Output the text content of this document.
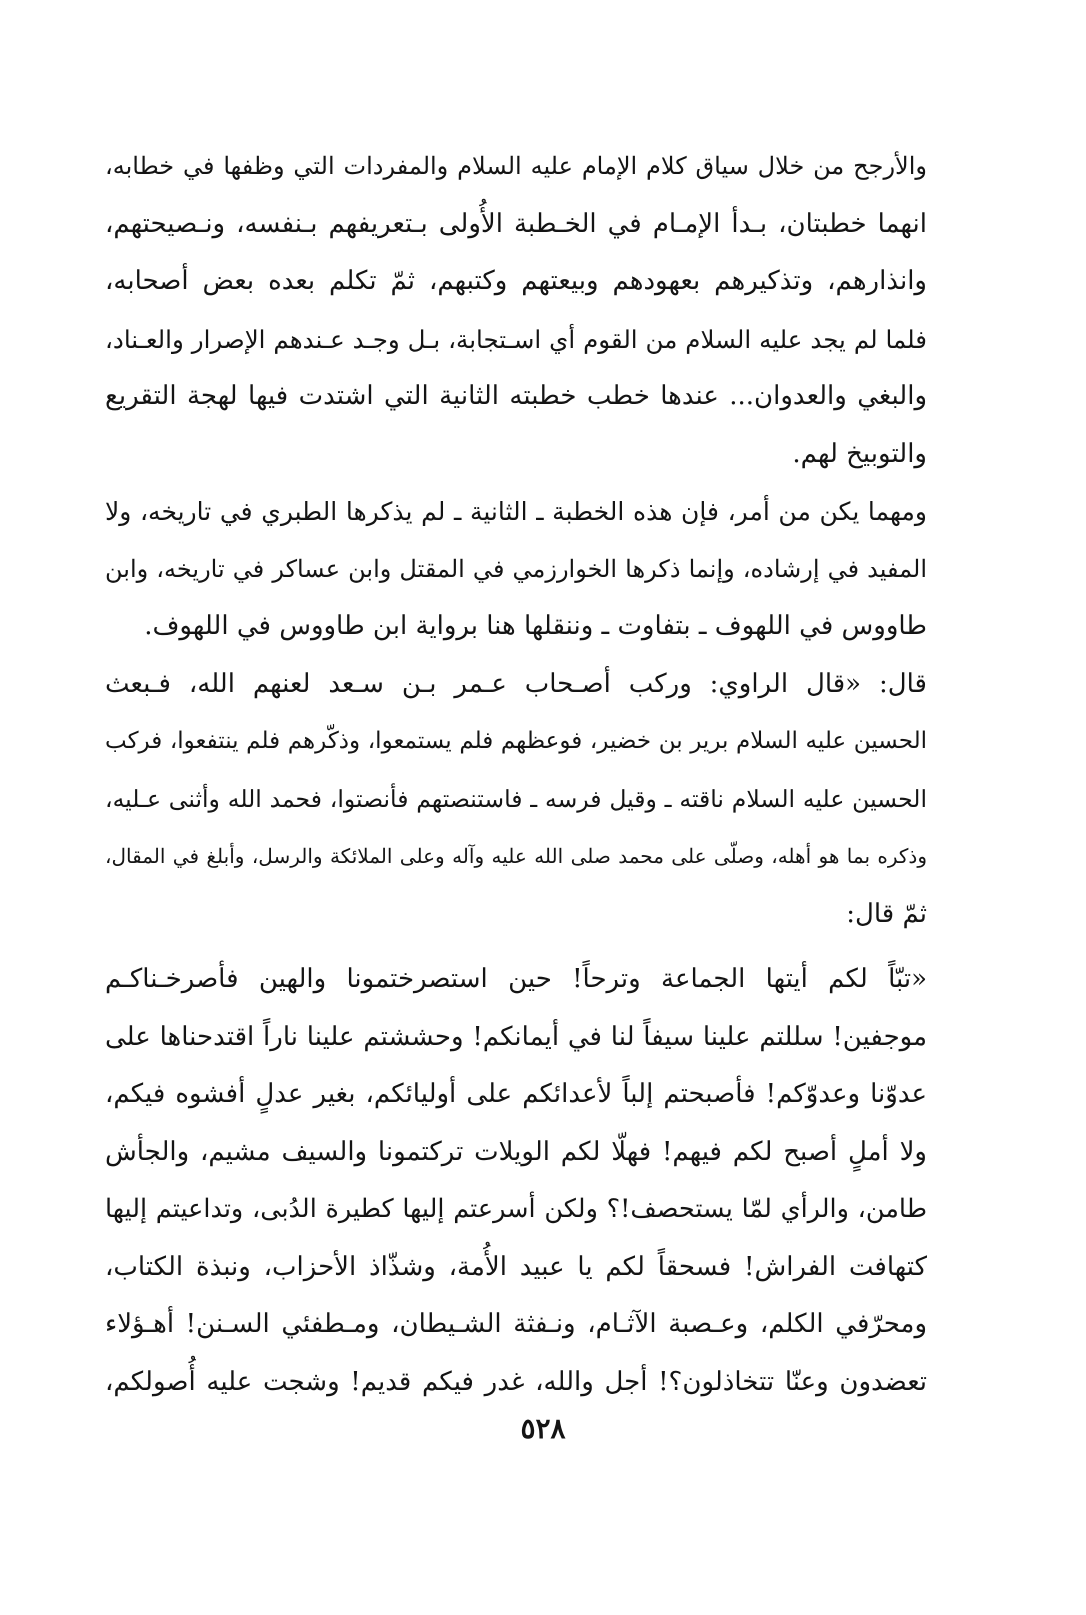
والأرجح من خلال سياق كلام الإمام عليه السلام والمفردات التي وظفها في خطابه،
انهما خطبتان، بـدأ الإمـام في الخـطبة الأُولى بـتعريفهم بـنفسه، ونـصيحتهم،
وانذارهم، وتذكيرهم بعهودهم وبيعتهم وكتبهم، ثمّ تكلم بعده بعض أصحابه،
فلما لم يجد عليه السلام من القوم أي اسـتجابة، بـل وجـد عـندهم الإصرار والعـناد،
والبغي والعدوان... عندها خطب خطبته الثانية التي اشتدت فيها لهجة التقريع
والتوبيخ لهم.
ومهما يكن من أمر، فإن هذه الخطبة ـ الثانية ـ لم يذكرها الطبري في تاريخه، ولا
المفيد في إرشاده، وإنما ذكرها الخوارزمي في المقتل وابن عساكر في تاريخه، وابن
طاووس في اللهوف ـ بتفاوت ـ وننقلها هنا برواية ابن طاووس في اللهوف.
قال: «قال الراوي: وركب أصـحاب عـمر بـن سـعد لعنهم الله، فـبعث
الحسين عليه السلام برير بن خضير، فوعظهم فلم يستمعوا، وذكّرهم فلم ينتفعوا، فركب
الحسين عليه السلام ناقته ـ وقيل فرسه ـ فاستنصتهم فأنصتوا، فحمد الله وأثنى عـليه،
وذكره بما هو أهله، وصلّى على محمد صلى الله عليه وآله وعلى الملائكة والرسل، وأبلغ في المقال،
ثمّ قال:
«تبّاً لكم أيتها الجماعة وترحاً! حين استصرختمونا والهين فأصرخـناكـم
موجفين! سللتم علينا سيفاً لنا في أيمانكم! وحششتم علينا ناراً اقتدحناها على
عدوّنا وعدوّكم! فأصبحتم إلباً لأعدائكم على أوليائكم، بغير عدلٍ أفشوه فيكم،
ولا أملٍ أصبح لكم فيهم! فهلّا لكم الويلات تركتمونا والسيف مشيم، والجأش
طامن، والرأي لمّا يستحصف!؟ ولكن أسرعتم إليها كطيرة الدُبى، وتداعيتم إليها
كتهافت الفراش! فسحقاً لكم يا عبيد الأُمة، وشذّاذ الأحزاب، ونبذة الكتاب،
ومحرّفي الكلم، وعـصبة الآثـام، ونـفثة الشـيطان، ومـطفئي السـنن! أهـؤلاء
تعضدون وعنّا تتخاذلون؟! أجل والله، غدر فيكم قديم! وشجت عليه أُصولكم،
٥٢٨
